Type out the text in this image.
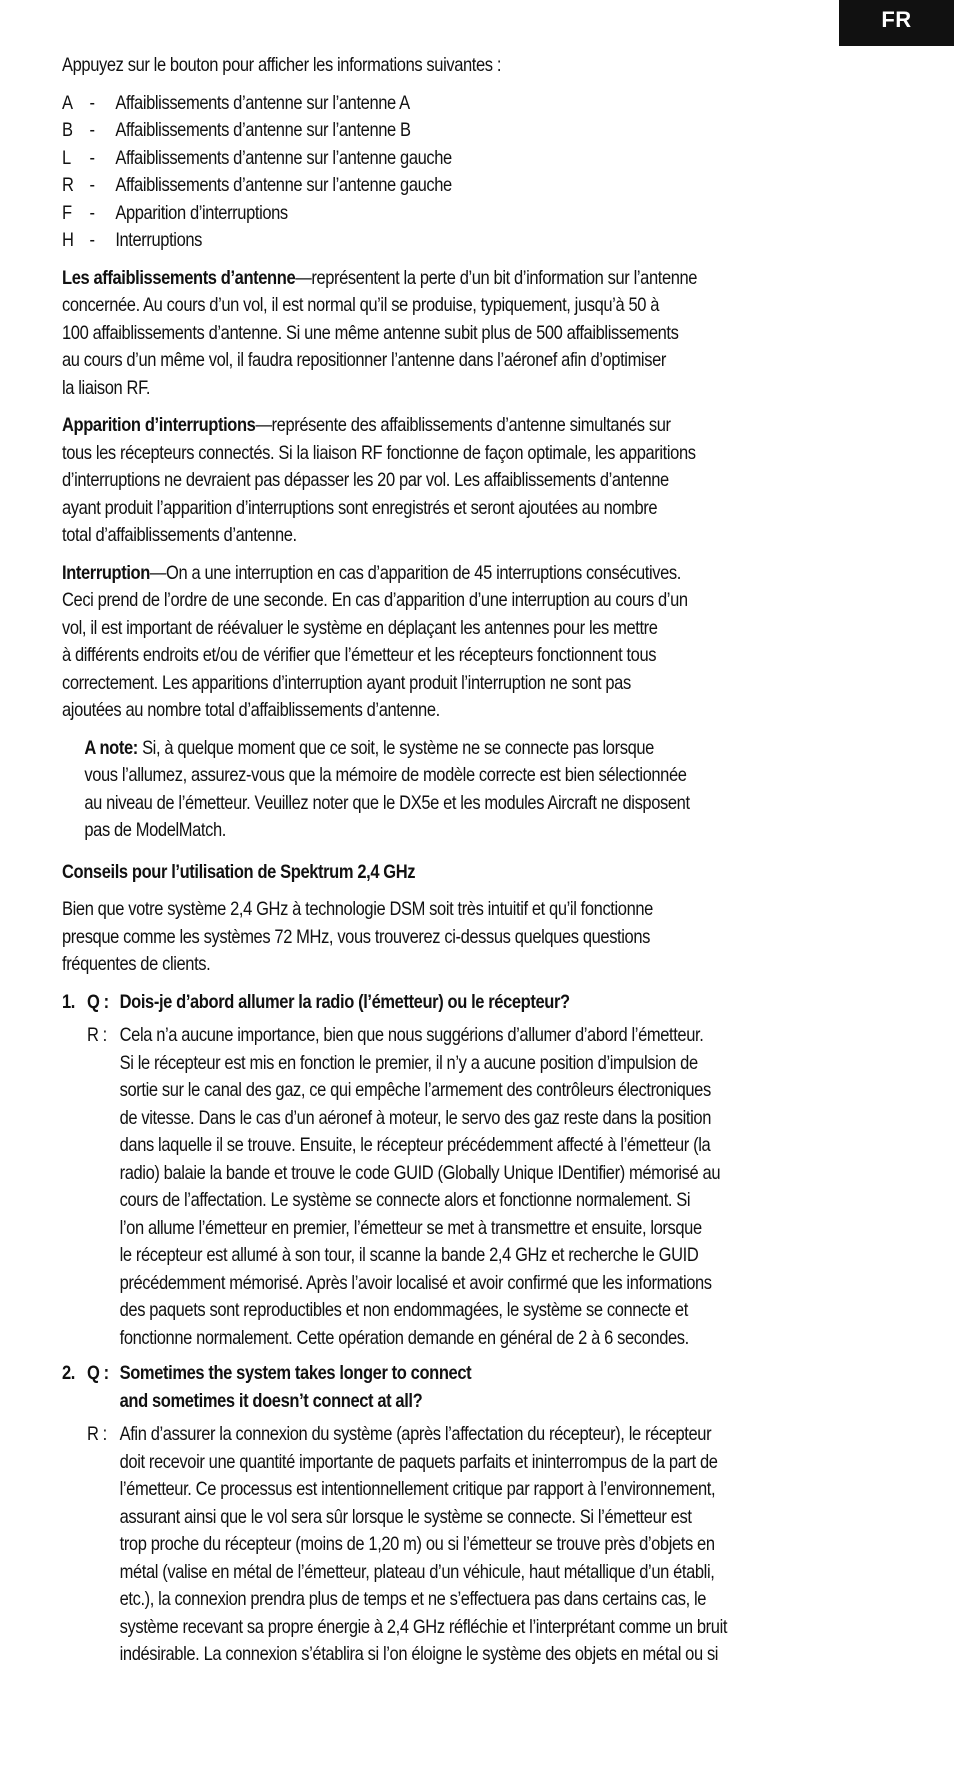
FR

Appuyez sur le bouton pour afficher les informations suivantes :

A -	Affaiblissements d’antenne sur l’antenne A
B -	Affaiblissements d’antenne sur l’antenne B
L -	Affaiblissements d’antenne sur l’antenne gauche
R -	Affaiblissements d’antenne sur l’antenne gauche
F -	Apparition d’interruptions
H -	Interruptions

Les affaiblissements d’antenne—représentent la perte d’un bit d’information sur l’antenne
concernée. Au cours d’un vol, il est normal qu’il se produise, typiquement, jusqu’à 50 à
100 affaiblissements d’antenne. Si une même antenne subit plus de 500 affaiblissements
au cours d’un même vol, il faudra repositionner l’antenne dans l’aéronef afin d’optimiser
la liaison RF.

Apparition d’interruptions—représente des affaiblissements d’antenne simultanés sur
tous les récepteurs connectés. Si la liaison RF fonctionne de façon optimale, les apparitions
d’interruptions ne devraient pas dépasser les 20 par vol. Les affaiblissements d’antenne
ayant produit l’apparition d’interruptions sont enregistrés et seront ajoutées au nombre
total d’affaiblissements d’antenne.

Interruption—On a une interruption en cas d’apparition de 45 interruptions consécutives.
Ceci prend de l’ordre de une seconde. En cas d’apparition d’une interruption au cours d’un
vol, il est important de réévaluer le système en déplaçant les antennes pour les mettre
à différents endroits et/ou de vérifier que l’émetteur et les récepteurs fonctionnent tous
correctement. Les apparitions d’interruption ayant produit l’interruption ne sont pas
ajoutées au nombre total d’affaiblissements d’antenne.

A note: Si, à quelque moment que ce soit, le système ne se connecte pas lorsque
vous l’allumez, assurez-vous que la mémoire de modèle correcte est bien sélectionnée
au niveau de l’émetteur. Veuillez noter que le DX5e et les modules Aircraft ne disposent
pas de ModelMatch.

Conseils pour l’utilisation de Spektrum 2,4 GHz

Bien que votre système 2,4 GHz à technologie DSM soit très intuitif et qu’il fonctionne
presque comme les systèmes 72 MHz, vous trouverez ci-dessus quelques questions
fréquentes de clients.

1. Q : Dois-je d’abord allumer la radio (l’émetteur) ou le récepteur?
R : Cela n’a aucune importance, bien que nous suggérions d’allumer d’abord l’émetteur.
Si le récepteur est mis en fonction le premier, il n’y a aucune position d’impulsion de
sortie sur le canal des gaz, ce qui empêche l’armement des contrôleurs électroniques
de vitesse. Dans le cas d’un aéronef à moteur, le servo des gaz reste dans la position
dans laquelle il se trouve. Ensuite, le récepteur précédemment affecté à l’émetteur (la
radio) balaie la bande et trouve le code GUID (Globally Unique IDentifier) mémorisé au
cours de l’affectation. Le système se connecte alors et fonctionne normalement. Si
l’on allume l’émetteur en premier, l’émetteur se met à transmettre et ensuite, lorsque
le récepteur est allumé à son tour, il scanne la bande 2,4 GHz et recherche le GUID
précédemment mémorisé. Après l’avoir localisé et avoir confirmé que les informations
des paquets sont reproductibles et non endommagées, le système se connecte et
fonctionne normalement. Cette opération demande en général de 2 à 6 secondes.
2. Q : Sometimes the system takes longer to connect
and sometimes it doesn’t connect at all?
R : Afin d’assurer la connexion du système (après l’affectation du récepteur), le récepteur
doit recevoir une quantité importante de paquets parfaits et ininterrompus de la part de
l’émetteur. Ce processus est intentionnellement critique par rapport à l’environnement,
assurant ainsi que le vol sera sûr lorsque le système se connecte. Si l’émetteur est
trop proche du récepteur (moins de 1,20 m) ou si l’émetteur se trouve près d’objets en
métal (valise en métal de l’émetteur, plateau d’un véhicule, haut métallique d’un établi,
etc.), la connexion prendra plus de temps et ne s’effectuera pas dans certains cas, le
système recevant sa propre énergie à 2,4 GHz réfléchie et l’interprétant comme un bruit
indésirable. La connexion s’établira si l’on éloigne le système des objets en métal ou si
